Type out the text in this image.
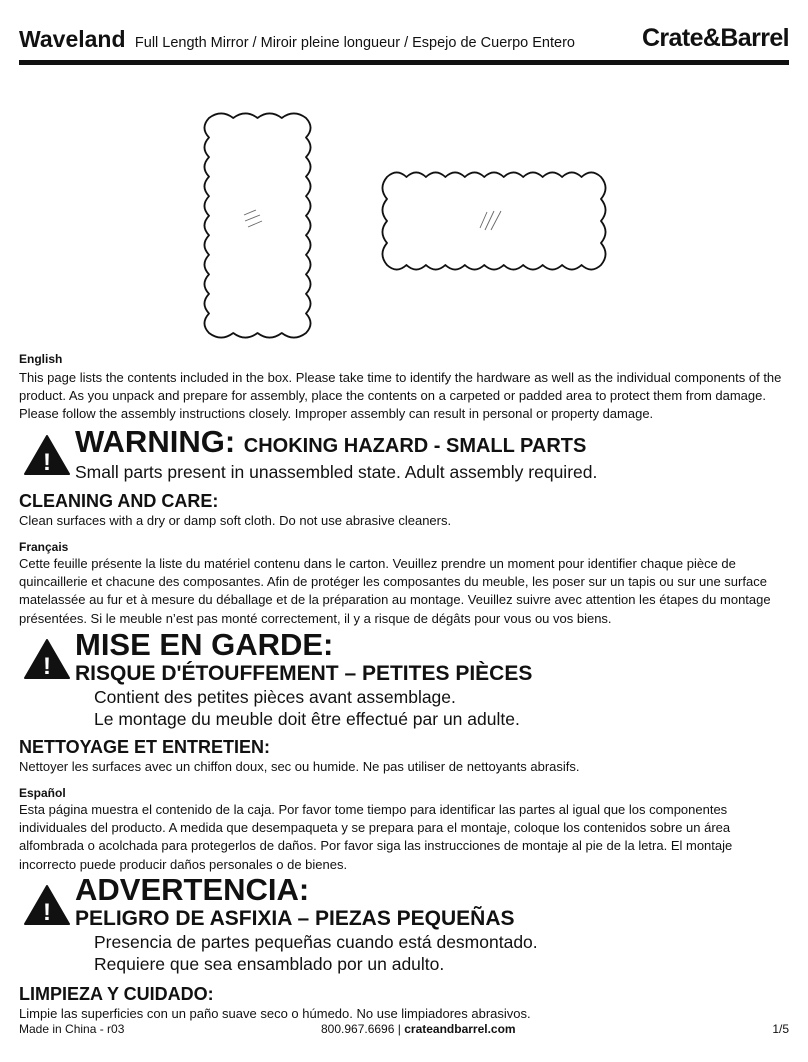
Waveland Full Length Mirror / Miroir pleine longueur / Espejo de Cuerpo Entero	Crate&Barrel
English

This page lists the contents included in the box. Please take time to identify the hardware as well as the individual components of the product. As you unpack and prepare for assembly, place the contents on a carpeted or padded area to protect them from damage. Please follow the assembly instructions closely. Improper assembly can result in personal or property damage.

!
WARNING: CHOKING HAZARD - SMALL PARTS
Small parts present in unassembled state. Adult assembly required.
CLEANING AND CARE:
Clean surfaces with a dry or damp soft cloth. Do not use abrasive cleaners.
Français

Cette feuille présente la liste du matériel contenu dans le carton. Veuillez prendre un moment pour identifier chaque pièce de quincaillerie et chacune des composantes. Afin de protéger les composantes du meuble, les poser sur un tapis ou sur une surface matelassée au fur et à mesure du déballage et de la préparation au montage. Veuillez suivre avec attention les étapes du montage présentées. Si le meuble n’est pas monté correctement, il y a risque de dégâts pour vous ou vos biens.

!
MISE EN GARDE:
RISQUE D'ÉTOUFFEMENT – PETITES PIÈCES
Contient des petites pièces avant assemblage.
Le montage du meuble doit être effectué par un adulte.
NETTOYAGE ET ENTRETIEN:
Nettoyer les surfaces avec un chiffon doux, sec ou humide. Ne pas utiliser de nettoyants abrasifs.
Español

Esta página muestra el contenido de la caja. Por favor tome tiempo para identificar las partes al igual que los componentes individuales del producto. A medida que desempaqueta y se prepara para el montaje, coloque los contenidos sobre un área alfombrada o acolchada para protegerlos de daños. Por favor siga las instrucciones de montaje al pie de la letra. El montaje incorrecto puede producir daños personales o de bienes.

!
ADVERTENCIA:
PELIGRO DE ASFIXIA – PIEZAS PEQUEÑAS
Presencia de partes pequeñas cuando está desmontado.
Requiere que sea ensamblado por un adulto.
LIMPIEZA Y CUIDADO:
Limpie las superficies con un paño suave seco o húmedo. No use limpiadores abrasivos.
Made in China - r03	800.967.6696 | crateandbarrel.com	1/5
